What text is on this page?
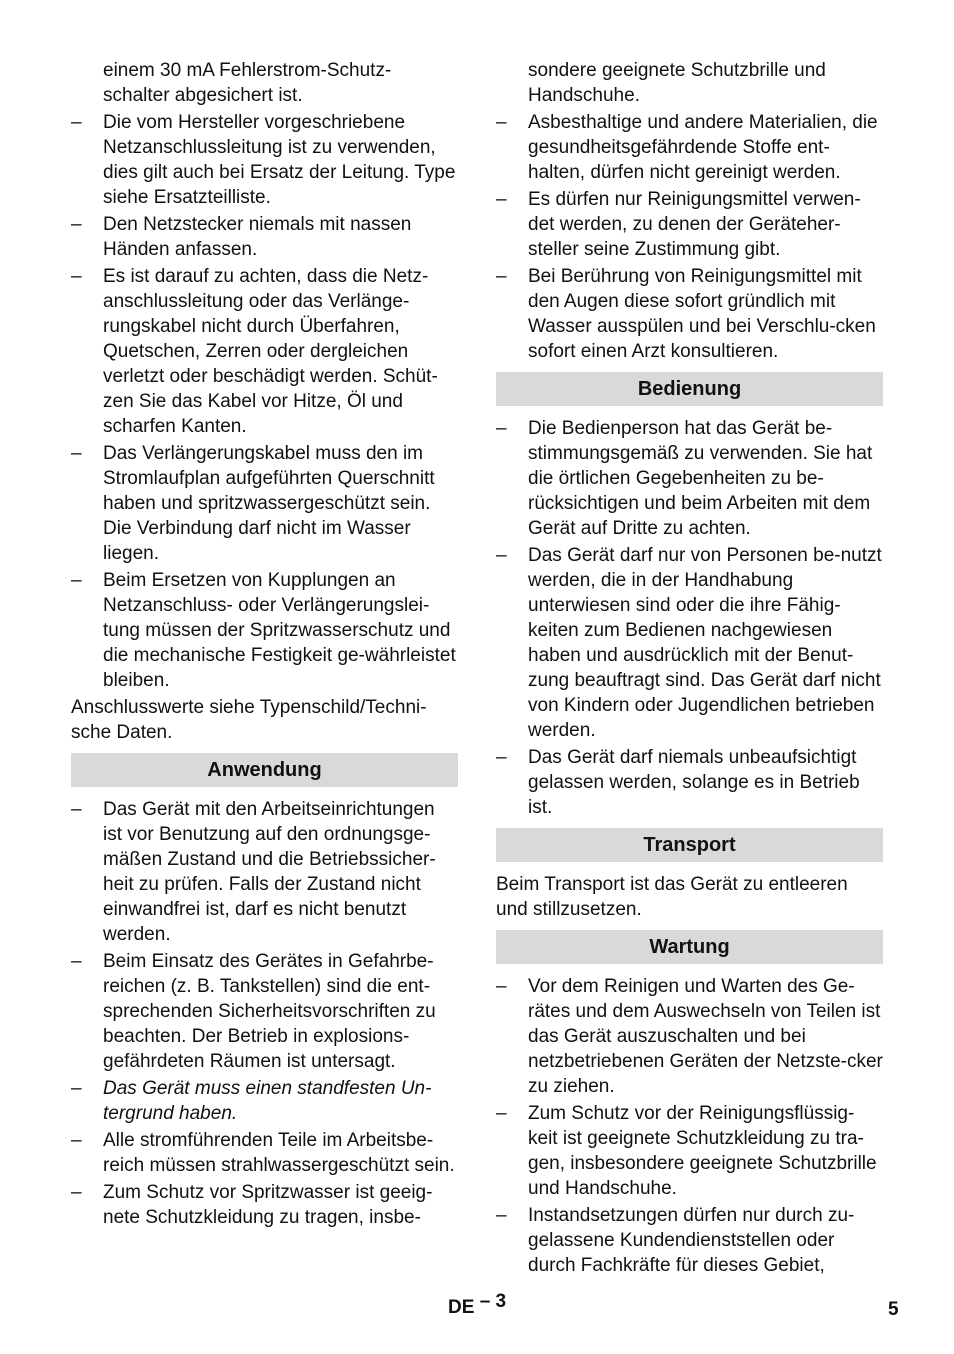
einem 30 mA Fehlerstrom-Schutz-
schalter abgesichert ist.

– Die vom Hersteller vorgeschriebene Netzanschlussleitung ist zu verwenden, dies gilt auch bei Ersatz der Leitung. Type siehe Ersatzteilliste.
– Den Netzstecker niemals mit nassen Händen anfassen.
– Es ist darauf zu achten, dass die Netz-anschlussleitung oder das Verlänge-rungskabel nicht durch Überfahren, Quetschen, Zerren oder dergleichen verletzt oder beschädigt werden. Schüt-zen Sie das Kabel vor Hitze, Öl und scharfen Kanten.
– Das Verlängerungskabel muss den im Stromlaufplan aufgeführten Querschnitt haben und spritzwassergeschützt sein. Die Verbindung darf nicht im Wasser liegen.
– Beim Ersetzen von Kupplungen an Netzanschluss- oder Verlängerungslei-tung müssen der Spritzwasserschutz und die mechanische Festigkeit ge-währleistet bleiben.

Anschlusswerte siehe Typenschild/Techni-sche Daten.

Anwendung
– Das Gerät mit den Arbeitseinrichtungen ist vor Benutzung auf den ordnungsge-mäßen Zustand und die Betriebssicher-heit zu prüfen. Falls der Zustand nicht einwandfrei ist, darf es nicht benutzt werden.
– Beim Einsatz des Gerätes in Gefahrbe-reichen (z. B. Tankstellen) sind die ent-sprechenden Sicherheitsvorschriften zu beachten. Der Betrieb in explosions-gefährdeten Räumen ist untersagt.
– Das Gerät muss einen standfesten Un-tergrund haben.
– Alle stromführenden Teile im Arbeitsbe-reich müssen strahlwassergeschützt sein.
– Zum Schutz vor Spritzwasser ist geeig-nete Schutzkleidung zu tragen, insbe-

sondere geeignete Schutzbrille und Handschuhe.

– Asbesthaltige und andere Materialien, die gesundheitsgefährdende Stoffe ent-halten, dürfen nicht gereinigt werden.
– Es dürfen nur Reinigungsmittel verwen-det werden, zu denen der Geräteher-steller seine Zustimmung gibt.
– Bei Berührung von Reinigungsmittel mit den Augen diese sofort gründlich mit Wasser ausspülen und bei Verschlu-cken sofort einen Arzt konsultieren.
Bedienung
– Die Bedienperson hat das Gerät be-stimmungsgemäß zu verwenden. Sie hat die örtlichen Gegebenheiten zu be-rücksichtigen und beim Arbeiten mit dem Gerät auf Dritte zu achten.
– Das Gerät darf nur von Personen be-nutzt werden, die in der Handhabung unterwiesen sind oder die ihre Fähig-keiten zum Bedienen nachgewiesen haben und ausdrücklich mit der Benut-zung beauftragt sind. Das Gerät darf nicht von Kindern oder Jugendlichen betrieben werden.
– Das Gerät darf niemals unbeaufsichtigt gelassen werden, solange es in Betrieb ist.
Transport

Beim Transport ist das Gerät zu entleeren und stillzusetzen.

Wartung
– Vor dem Reinigen und Warten des Ge-rätes und dem Auswechseln von Teilen ist das Gerät auszuschalten und bei netzbetriebenen Geräten der Netzste-cker zu ziehen.
– Zum Schutz vor der Reinigungsflüssig-keit ist geeignete Schutzkleidung zu tra-gen, insbesondere geeignete Schutzbrille und Handschuhe.
– Instandsetzungen dürfen nur durch zu-gelassene Kundendienststellen oder durch Fachkräfte für dieses Gebiet,
DE – 3	5
